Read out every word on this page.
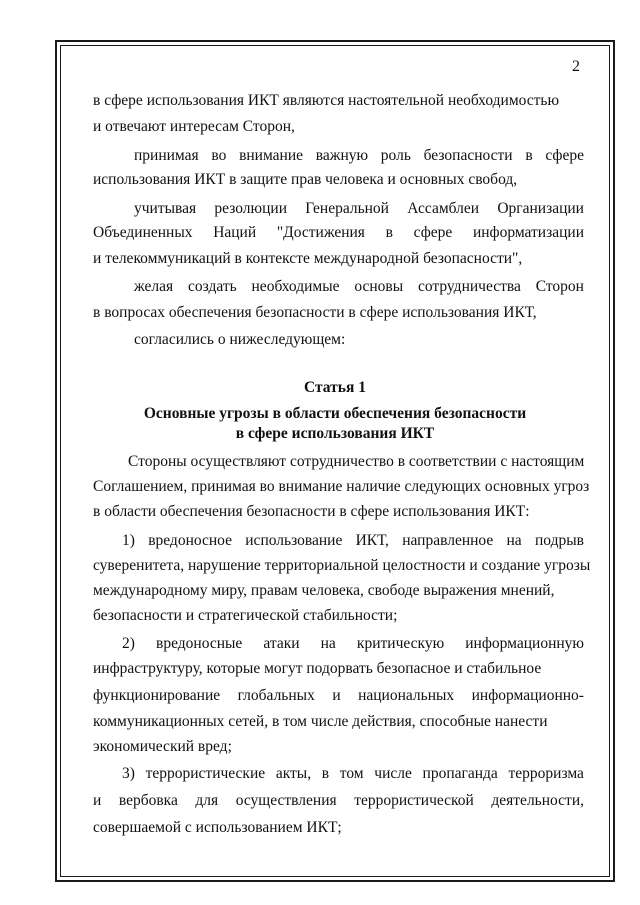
2
в сфере использования ИКТ являются настоятельной необходимостью
и отвечают интересам Сторон,
принимая во внимание важную роль безопасности в сфере
использования ИКТ в защите прав человека и основных свобод,
учитывая резолюции Генеральной Ассамблеи Организации
Объединенных Наций "Достижения в сфере информатизации
и телекоммуникаций в контексте международной безопасности",
желая создать необходимые основы сотрудничества Сторон
в вопросах обеспечения безопасности в сфере использования ИКТ,
согласились о нижеследующем:
Статья 1
Основные угрозы в области обеспечения безопасности
в сфере использования ИКТ
Стороны осуществляют сотрудничество в соответствии с настоящим
Соглашением, принимая во внимание наличие следующих основных угроз
в области обеспечения безопасности в сфере использования ИКТ:
1) вредоносное использование ИКТ, направленное на подрыв
суверенитета, нарушение территориальной целостности и создание угрозы
международному миру, правам человека, свободе выражения мнений,
безопасности и стратегической стабильности;
2) вредоносные атаки на критическую информационную
инфраструктуру, которые могут подорвать безопасное и стабильное
функционирование глобальных и национальных информационно-
коммуникационных сетей, в том числе действия, способные нанести
экономический вред;
3) террористические акты, в том числе пропаганда терроризма
и вербовка для осуществления террористической деятельности,
совершаемой с использованием ИКТ;
